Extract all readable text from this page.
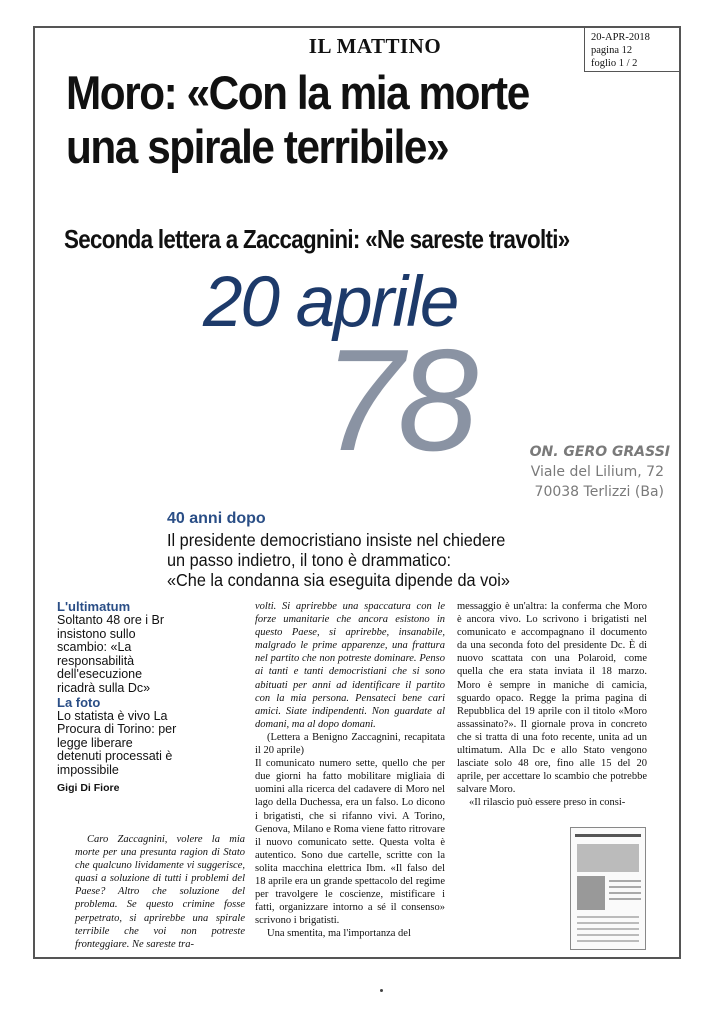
IL MATTINO	20-APR-2018
pagina 12
foglio 1 / 2
Moro: «Con la mia morte
una spirale terribile»
Seconda lettera a Zaccagnini: «Ne sareste travolti»
20 aprile
78	ON. GERO GRASSI
Viale del Lilium, 72
70038 Terlizzi (Ba)
40 anni dopo
Il presidente democristiano insiste nel chiedere
un passo indietro, il tono è drammatico:
«Che la condanna sia eseguita dipende da voi»
L'ultimatum
Soltanto 48 ore i Br insistono sullo scambio: «La responsabilità dell'esecuzione ricadrà sulla Dc»
La foto
Lo statista è vivo La Procura di Torino: per legge liberare detenuti processati è impossibile
Gigi Di Fiore

Caro Zaccagnini, volere la mia morte per una presunta ragion di Stato che qualcuno lividamente vi suggerisce, quasi a soluzione di tutti i problemi del Paese? Altro che soluzione del problema. Se questo crimine fosse perpetrato, si aprirebbe una spirale terribile che voi non potreste fronteggiare. Ne sareste tra-

volti. Si aprirebbe una spaccatura con le forze umanitarie che ancora esistono in questo Paese, si aprirebbe, insanabile, malgrado le prime apparenze, una frattura nel partito che non potreste dominare. Penso ai tanti e tanti democristiani che si sono abituati per anni ad identificare il partito con la mia persona. Pensateci bene cari amici. Siate indipendenti. Non guardate al domani, ma al dopo domani.

(Lettera a Benigno Zaccagnini, recapitata il 20 aprile)

Il comunicato numero sette, quello che per due giorni ha fatto mobilitare migliaia di uomini alla ricerca del cadavere di Moro nel lago della Duchessa, era un falso. Lo dicono i brigatisti, che si rifanno vivi. A Torino, Genova, Milano e Roma viene fatto ritrovare il nuovo comunicato sette. Questa volta è autentico. Sono due cartelle, scritte con la solita macchina elettrica Ibm. «Il falso del 18 aprile era un grande spettacolo del regime per travolgere le coscienze, mistificare i fatti, organizzare intorno a sé il consenso» scrivono i brigatisti.

Una smentita, ma l'importanza del

messaggio è un'altra: la conferma che Moro è ancora vivo. Lo scrivono i brigatisti nel comunicato e accompagnano il documento da una seconda foto del presidente Dc. È di nuovo scattata con una Polaroid, come quella che era stata inviata il 18 marzo. Moro è sempre in maniche di camicia, sguardo opaco. Regge la prima pagina di Repubblica del 19 aprile con il titolo «Moro assassinato?». Il giornale prova in concreto che si tratta di una foto recente, unita ad un ultimatum. Alla Dc e allo Stato vengono lasciate solo 48 ore, fino alle 15 del 20 aprile, per accettare lo scambio che potrebbe salvare Moro.

«Il rilascio può essere preso in consi-
